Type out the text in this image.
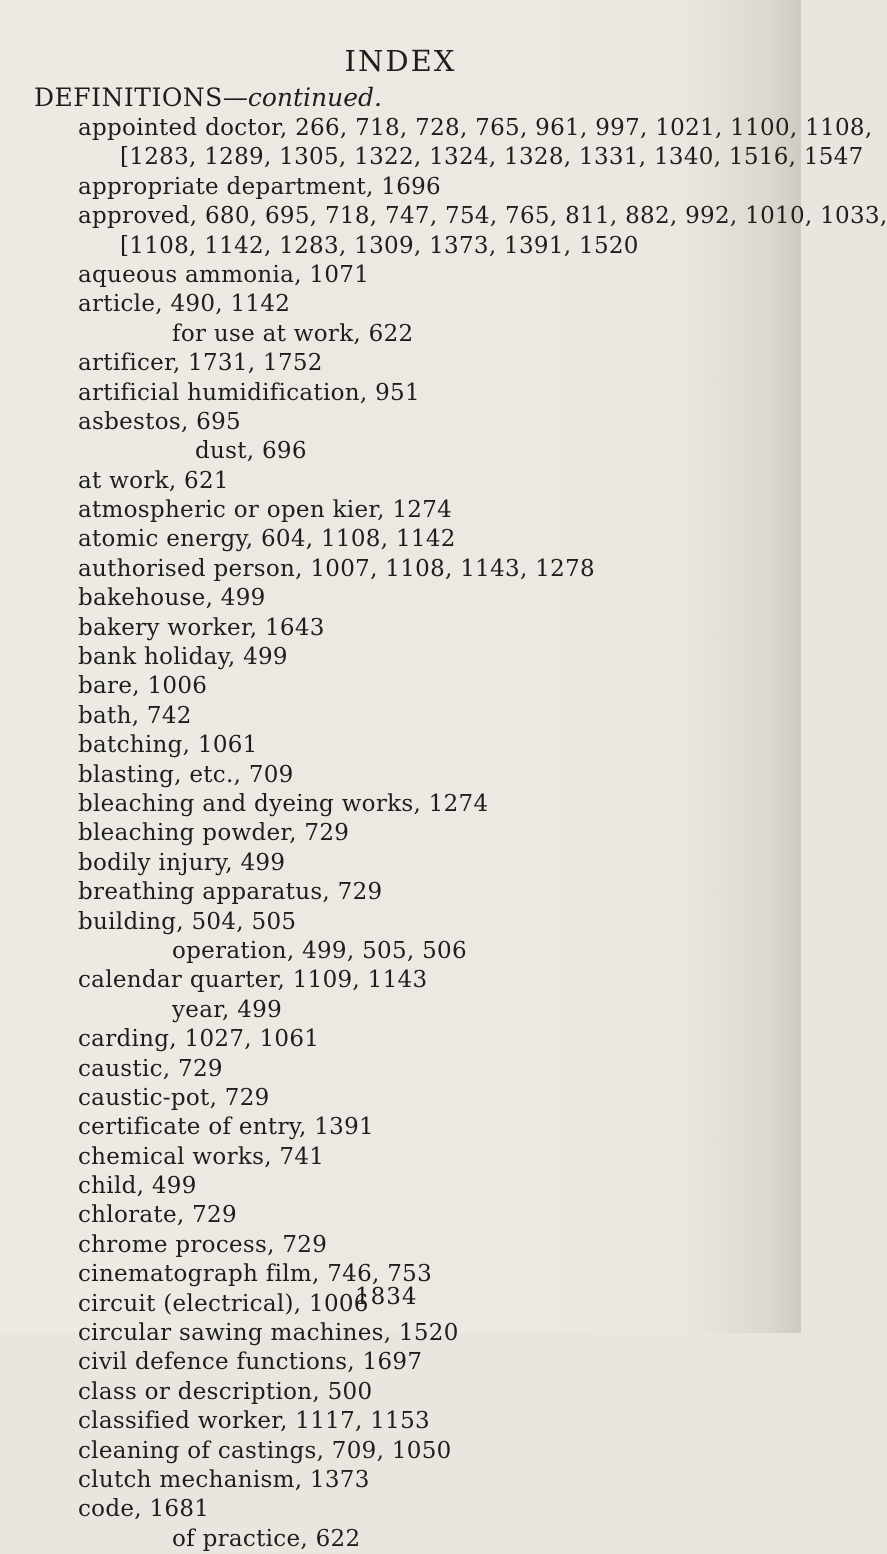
INDEX
DEFINITIONS—continued.
appointed doctor, 266, 718, 728, 765, 961, 997, 1021, 1100, 1108,
[1283, 1289, 1305, 1322, 1324, 1328, 1331, 1340, 1516, 1547
appropriate department, 1696
approved, 680, 695, 718, 747, 754, 765, 811, 882, 992, 1010, 1033,
[1108, 1142, 1283, 1309, 1373, 1391, 1520
aqueous ammonia, 1071
article, 490, 1142
for use at work, 622
artificer, 1731, 1752
artificial humidification, 951
asbestos, 695
dust, 696
at work, 621
atmospheric or open kier, 1274
atomic energy, 604, 1108, 1142
authorised person, 1007, 1108, 1143, 1278
bakehouse, 499
bakery worker, 1643
bank holiday, 499
bare, 1006
bath, 742
batching, 1061
blasting, etc., 709
bleaching and dyeing works, 1274
bleaching powder, 729
bodily injury, 499
breathing apparatus, 729
building, 504, 505
operation, 499, 505, 506
calendar quarter, 1109, 1143
year, 499
carding, 1027, 1061
caustic, 729
caustic-pot, 729
certificate of entry, 1391
chemical works, 741
child, 499
chlorate, 729
chrome process, 729
cinematograph film, 746, 753
circuit (electrical), 1006
circular sawing machines, 1520
civil defence functions, 1697
class or description, 500
classified worker, 1117, 1153
cleaning of castings, 709, 1050
clutch mechanism, 1373
code, 1681
of practice, 622
1834
